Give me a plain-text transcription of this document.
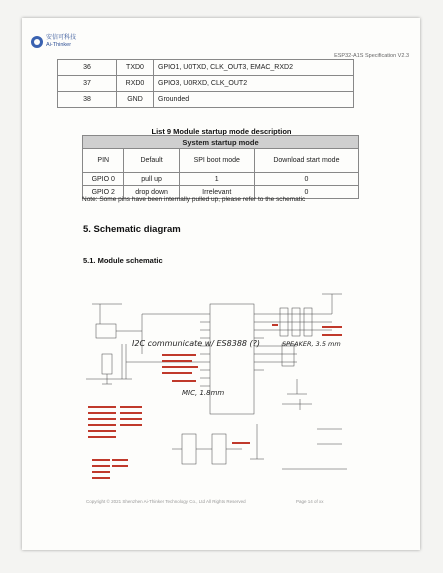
安信可科技
Ai-Thinker
ESP32-A1S Specification V2.3
36	TXD0	GPIO1, U0TXD, CLK_OUT3, EMAC_RXD2
37	RXD0	GPIO3, U0RXD, CLK_OUT2
38	GND	Grounded
List 9 Module startup mode description
System startup mode			
PIN	Default	SPI boot mode	Download start mode
GPIO 0	pull up	1	0
GPIO 2	drop down	Irrelevant	0
Note: Some pins have been internally pulled up, please refer to the schematic
5. Schematic diagram
5.1. Module schematic
I2C communicate w/ ES8388 (?)	SPEAKER, 3.5 mm
MIC, 1.8mm
Copyright © 2021 Shenzhen Ai-Thinker Technology Co., Ltd All Rights Reserved	Page 14 of xx
